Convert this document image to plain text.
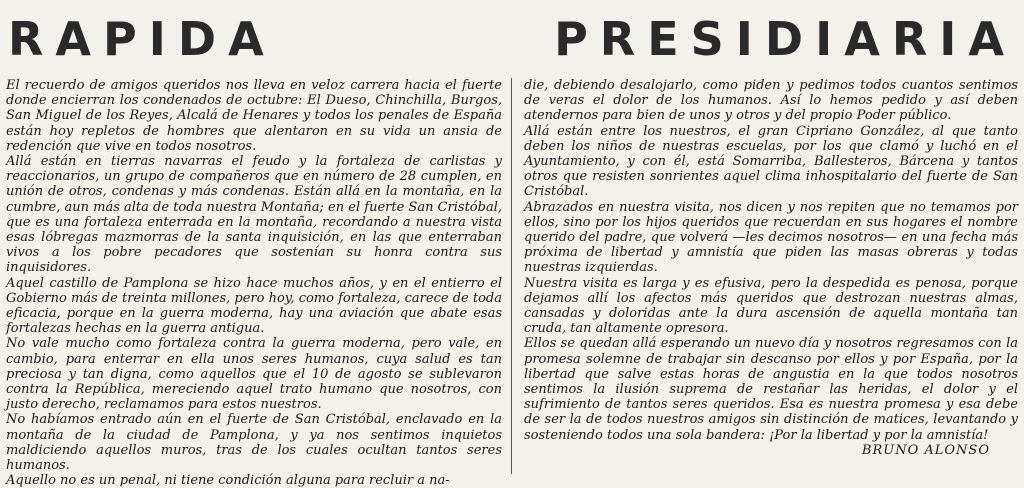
R A P I D A	P R E S I D I A R I A

El recuerdo de amigos queridos nos lleva en veloz carrera hacia el fuerte donde encierran los condenados de octubre: El Dueso, Chinchilla, Burgos, San Miguel de los Reyes, Alcalá de Henares y todos los penales de España están hoy repletos de hombres que alentaron en su vida un ansia de redención que vive en todos nosotros.

Allá están en tierras navarras el feudo y la fortaleza de carlistas y reaccionarios, un grupo de compañeros que en número de 28 cumplen, en unión de otros, condenas y más condenas. Están allá en la montaña, en la cumbre, aun más alta de toda nuestra Montaña; en el fuerte San Cristóbal, que es una fortaleza enterrada en la montaña, recordando a nuestra vista esas lóbregas mazmorras de la santa inquisición, en las que enterraban vivos a los pobre pecadores que sostenían su honra contra sus inquisidores.

Aquel castillo de Pamplona se hizo hace muchos años, y en el entierro el Gobierno más de treinta millones, pero hoy, como fortaleza, carece de toda eficacia, porque en la guerra moderna, hay una aviación que abate esas fortalezas hechas en la guerra antigua.

No vale mucho como fortaleza contra la guerra moderna, pero vale, en cambio, para enterrar en ella unos seres humanos, cuya salud es tan preciosa y tan digna, como aquellos que el 10 de agosto se sublevaron contra la República, mereciendo aquel trato humano que nosotros, con justo derecho, reclamamos para estos nuestros.

No habíamos entrado aún en el fuerte de San Cristóbal, enclavado en la montaña de la ciudad de Pamplona, y ya nos sentimos inquietos maldiciendo aquellos muros, tras de los cuales ocultan tantos seres humanos.

Aquello no es un penal, ni tiene condición alguna para recluir a na-

die, debiendo desalojarlo, como piden y pedimos todos cuantos sentimos de veras el dolor de los humanos. Así lo hemos pedido y así deben atendernos para bien de unos y otros y del propio Poder público.

Allá están entre los nuestros, el gran Cipriano González, al que tanto deben los niños de nuestras escuelas, por los que clamó y luchó en el Ayuntamiento, y con él, está Somarriba, Ballesteros, Bárcena y tantos otros que resisten sonrientes aquel clima inhospitalario del fuerte de San Cristóbal.

Abrazados en nuestra visita, nos dicen y nos repiten que no temamos por ellos, sino por los hijos queridos que recuerdan en sus hogares el nombre querido del padre, que volverá —les decimos nosotros— en una fecha más próxima de libertad y amnistía que piden las masas obreras y todas nuestras izquierdas.

Nuestra visita es larga y es efusiva, pero la despedida es penosa, porque dejamos allí los afectos más queridos que destrozan nuestras almas, cansadas y doloridas ante la dura ascensión de aquella montaña tan cruda, tan altamente opresora.

Ellos se quedan allá esperando un nuevo día y nosotros regresamos con la promesa solemne de trabajar sin descanso por ellos y por España, por la libertad que salve estas horas de angustia en la que todos nosotros sentimos la ilusión suprema de restañar las heridas, el dolor y el sufrimiento de tantos seres queridos. Esa es nuestra promesa y esa debe de ser la de todos nuestros amigos sin distinción de matices, levantando y sosteniendo todos una sola bandera: ¡Por la libertad y por la amnistía!

BRUNO ALONSO
